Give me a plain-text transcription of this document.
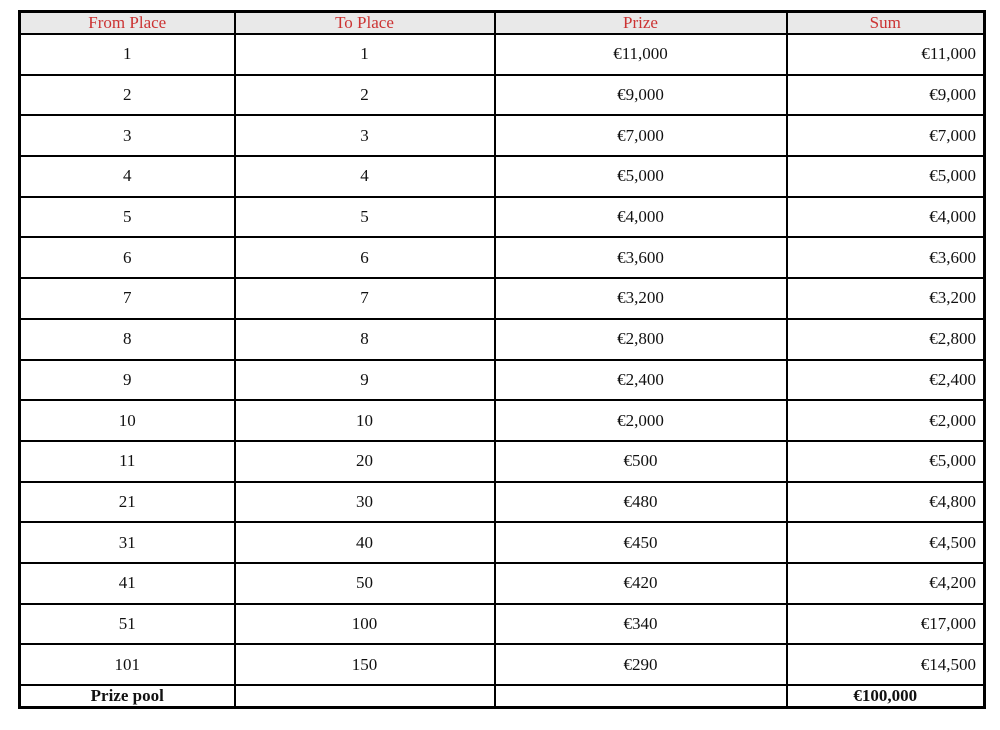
From Place	To Place	Prize	Sum
1	1	€11,000	€11,000
2	2	€9,000	€9,000
3	3	€7,000	€7,000
4	4	€5,000	€5,000
5	5	€4,000	€4,000
6	6	€3,600	€3,600
7	7	€3,200	€3,200
8	8	€2,800	€2,800
9	9	€2,400	€2,400
10	10	€2,000	€2,000
11	20	€500	€5,000
21	30	€480	€4,800
31	40	€450	€4,500
41	50	€420	€4,200
51	100	€340	€17,000
101	150	€290	€14,500
Prize pool			€100,000
